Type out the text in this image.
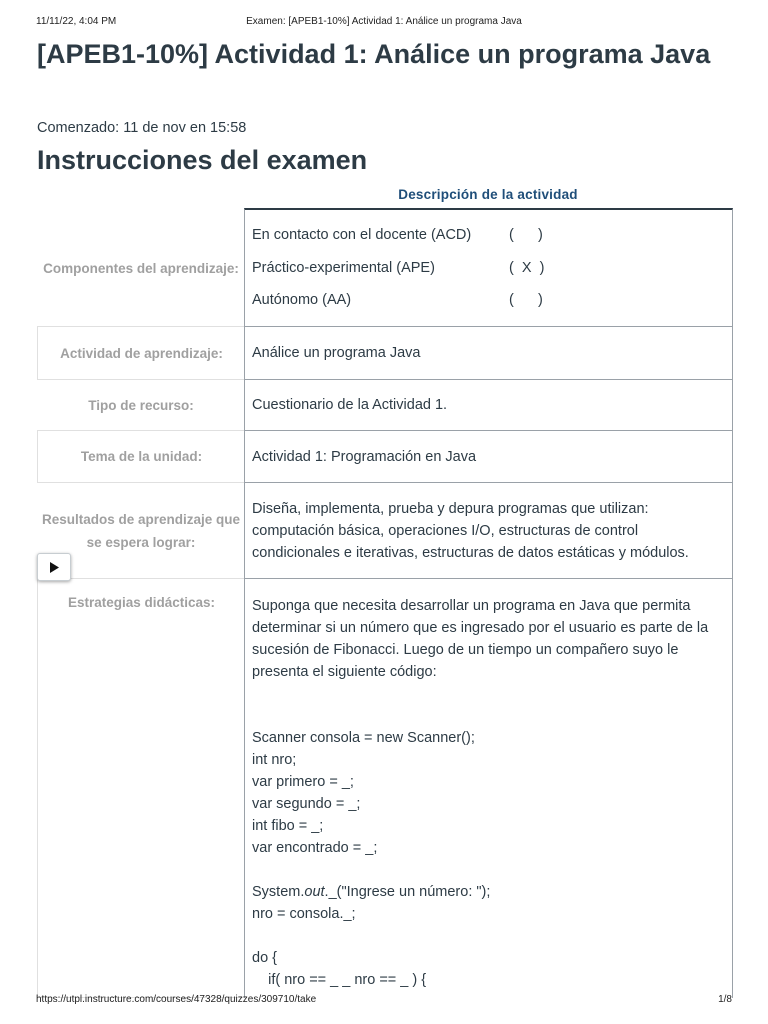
11/11/22, 4:04 PM	Examen: [APEB1-10%] Actividad 1: Análice un programa Java
[APEB1-10%] Actividad 1: Análice un programa Java
Comenzado: 11 de nov en 15:58
Instrucciones del examen
Descripción de la actividad
Componentes del aprendizaje:
En contacto con el docente (ACD)	(      )
Práctico-experimental (APE)	(  X  )
Autónomo (AA)	(      )
Actividad de aprendizaje: Análice un programa Java
Tipo de recurso:	Cuestionario de la Actividad 1.
Tema de la unidad:	Actividad 1: Programación en Java
Resultados de aprendizaje que se espera lograr:

Diseña, implementa, prueba y depura programas que utilizan: computación básica, operaciones I/O, estructuras de control condicionales e iterativas, estructuras de datos estáticas y módulos.

Estrategias didácticas:	Suponga que necesita desarrollar un programa en Java que permita determinar si un número que es ingresado por el usuario es parte de la sucesión de Fibonacci. Luego de un tiempo un compañero suyo le presenta el siguiente código:

Scanner consola = new Scanner();

int nro;

var primero = _;

var segundo = _;

int fibo = _;

var encontrado = _;

System.out._("Ingrese un número: ");

nro = consola._;

do {

if( nro == _ _ nro == _ ) {

https://utpl.instructure.com/courses/47328/quizzes/309710/take	1/8
